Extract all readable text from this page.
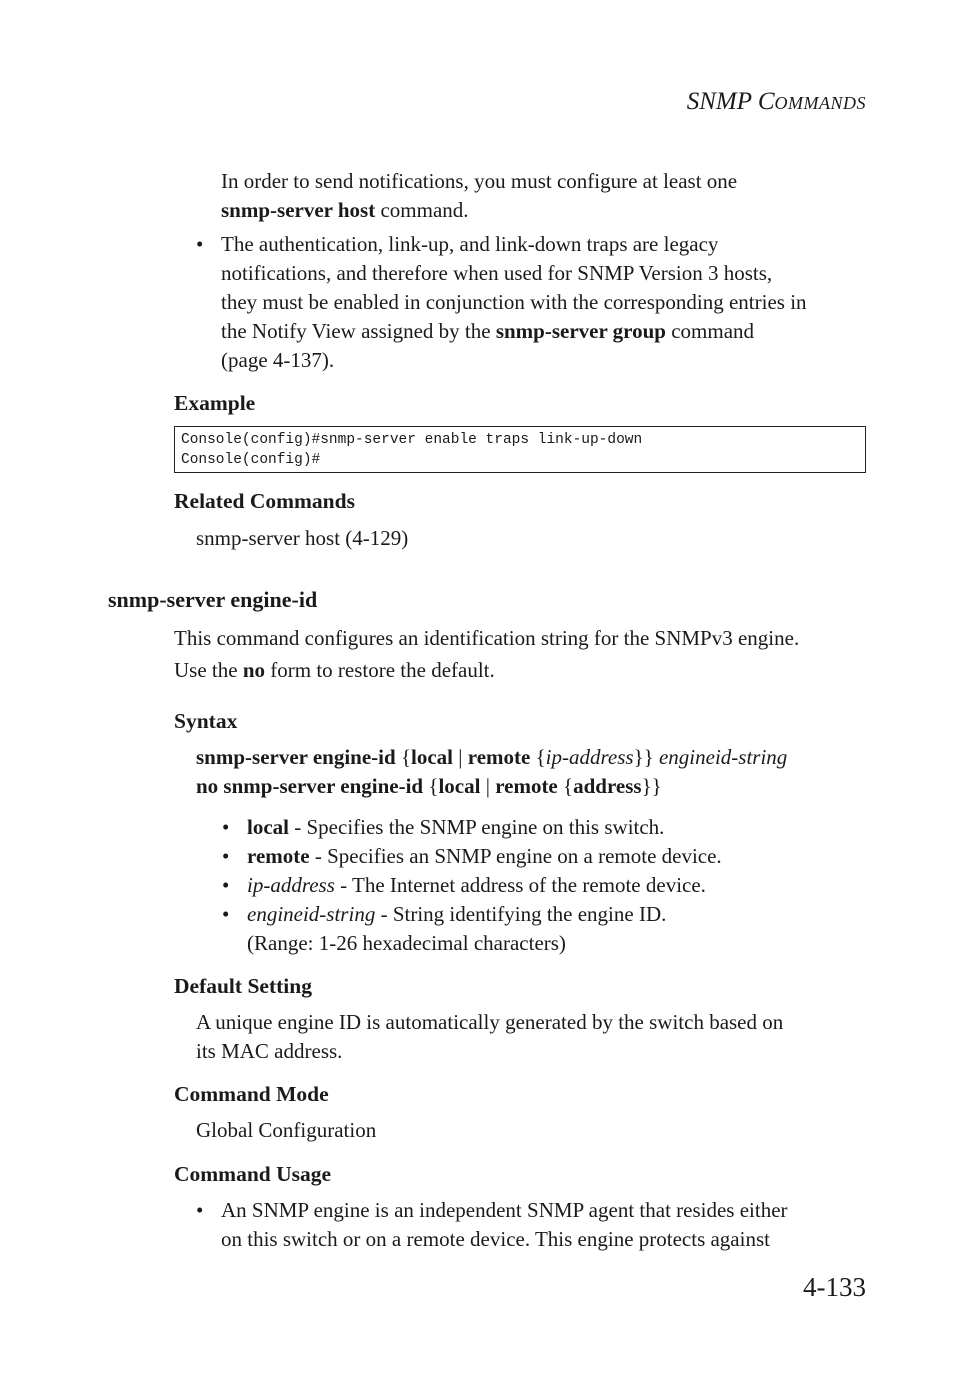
SNMP COMMANDS

In order to send notifications, you must configure at least one
snmp-server host command.

• The authentication, link-up, and link-down traps are legacy
notifications, and therefore when used for SNMP Version 3 hosts,
they must be enabled in conjunction with the corresponding entries in
the Notify View assigned by the snmp-server group command
(page 4-137).

Example
Console(config)#snmp-server enable traps link-up-down
Console(config)#
Related Commands

snmp-server host (4-129)

snmp-server engine-id

This command configures an identification string for the SNMPv3 engine.
Use the no form to restore the default.

Syntax
snmp-server engine-id {local | remote {ip-address}} engineid-string
no snmp-server engine-id {local | remote {address}}
• local - Specifies the SNMP engine on this switch.

• remote - Specifies an SNMP engine on a remote device.

• ip-address - The Internet address of the remote device.

• engineid-string - String identifying the engine ID.
(Range: 1-26 hexadecimal characters)

Default Setting

A unique engine ID is automatically generated by the switch based on
its MAC address.

Command Mode

Global Configuration

Command Usage
• An SNMP engine is an independent SNMP agent that resides either
on this switch or on a remote device. This engine protects against

4-133
